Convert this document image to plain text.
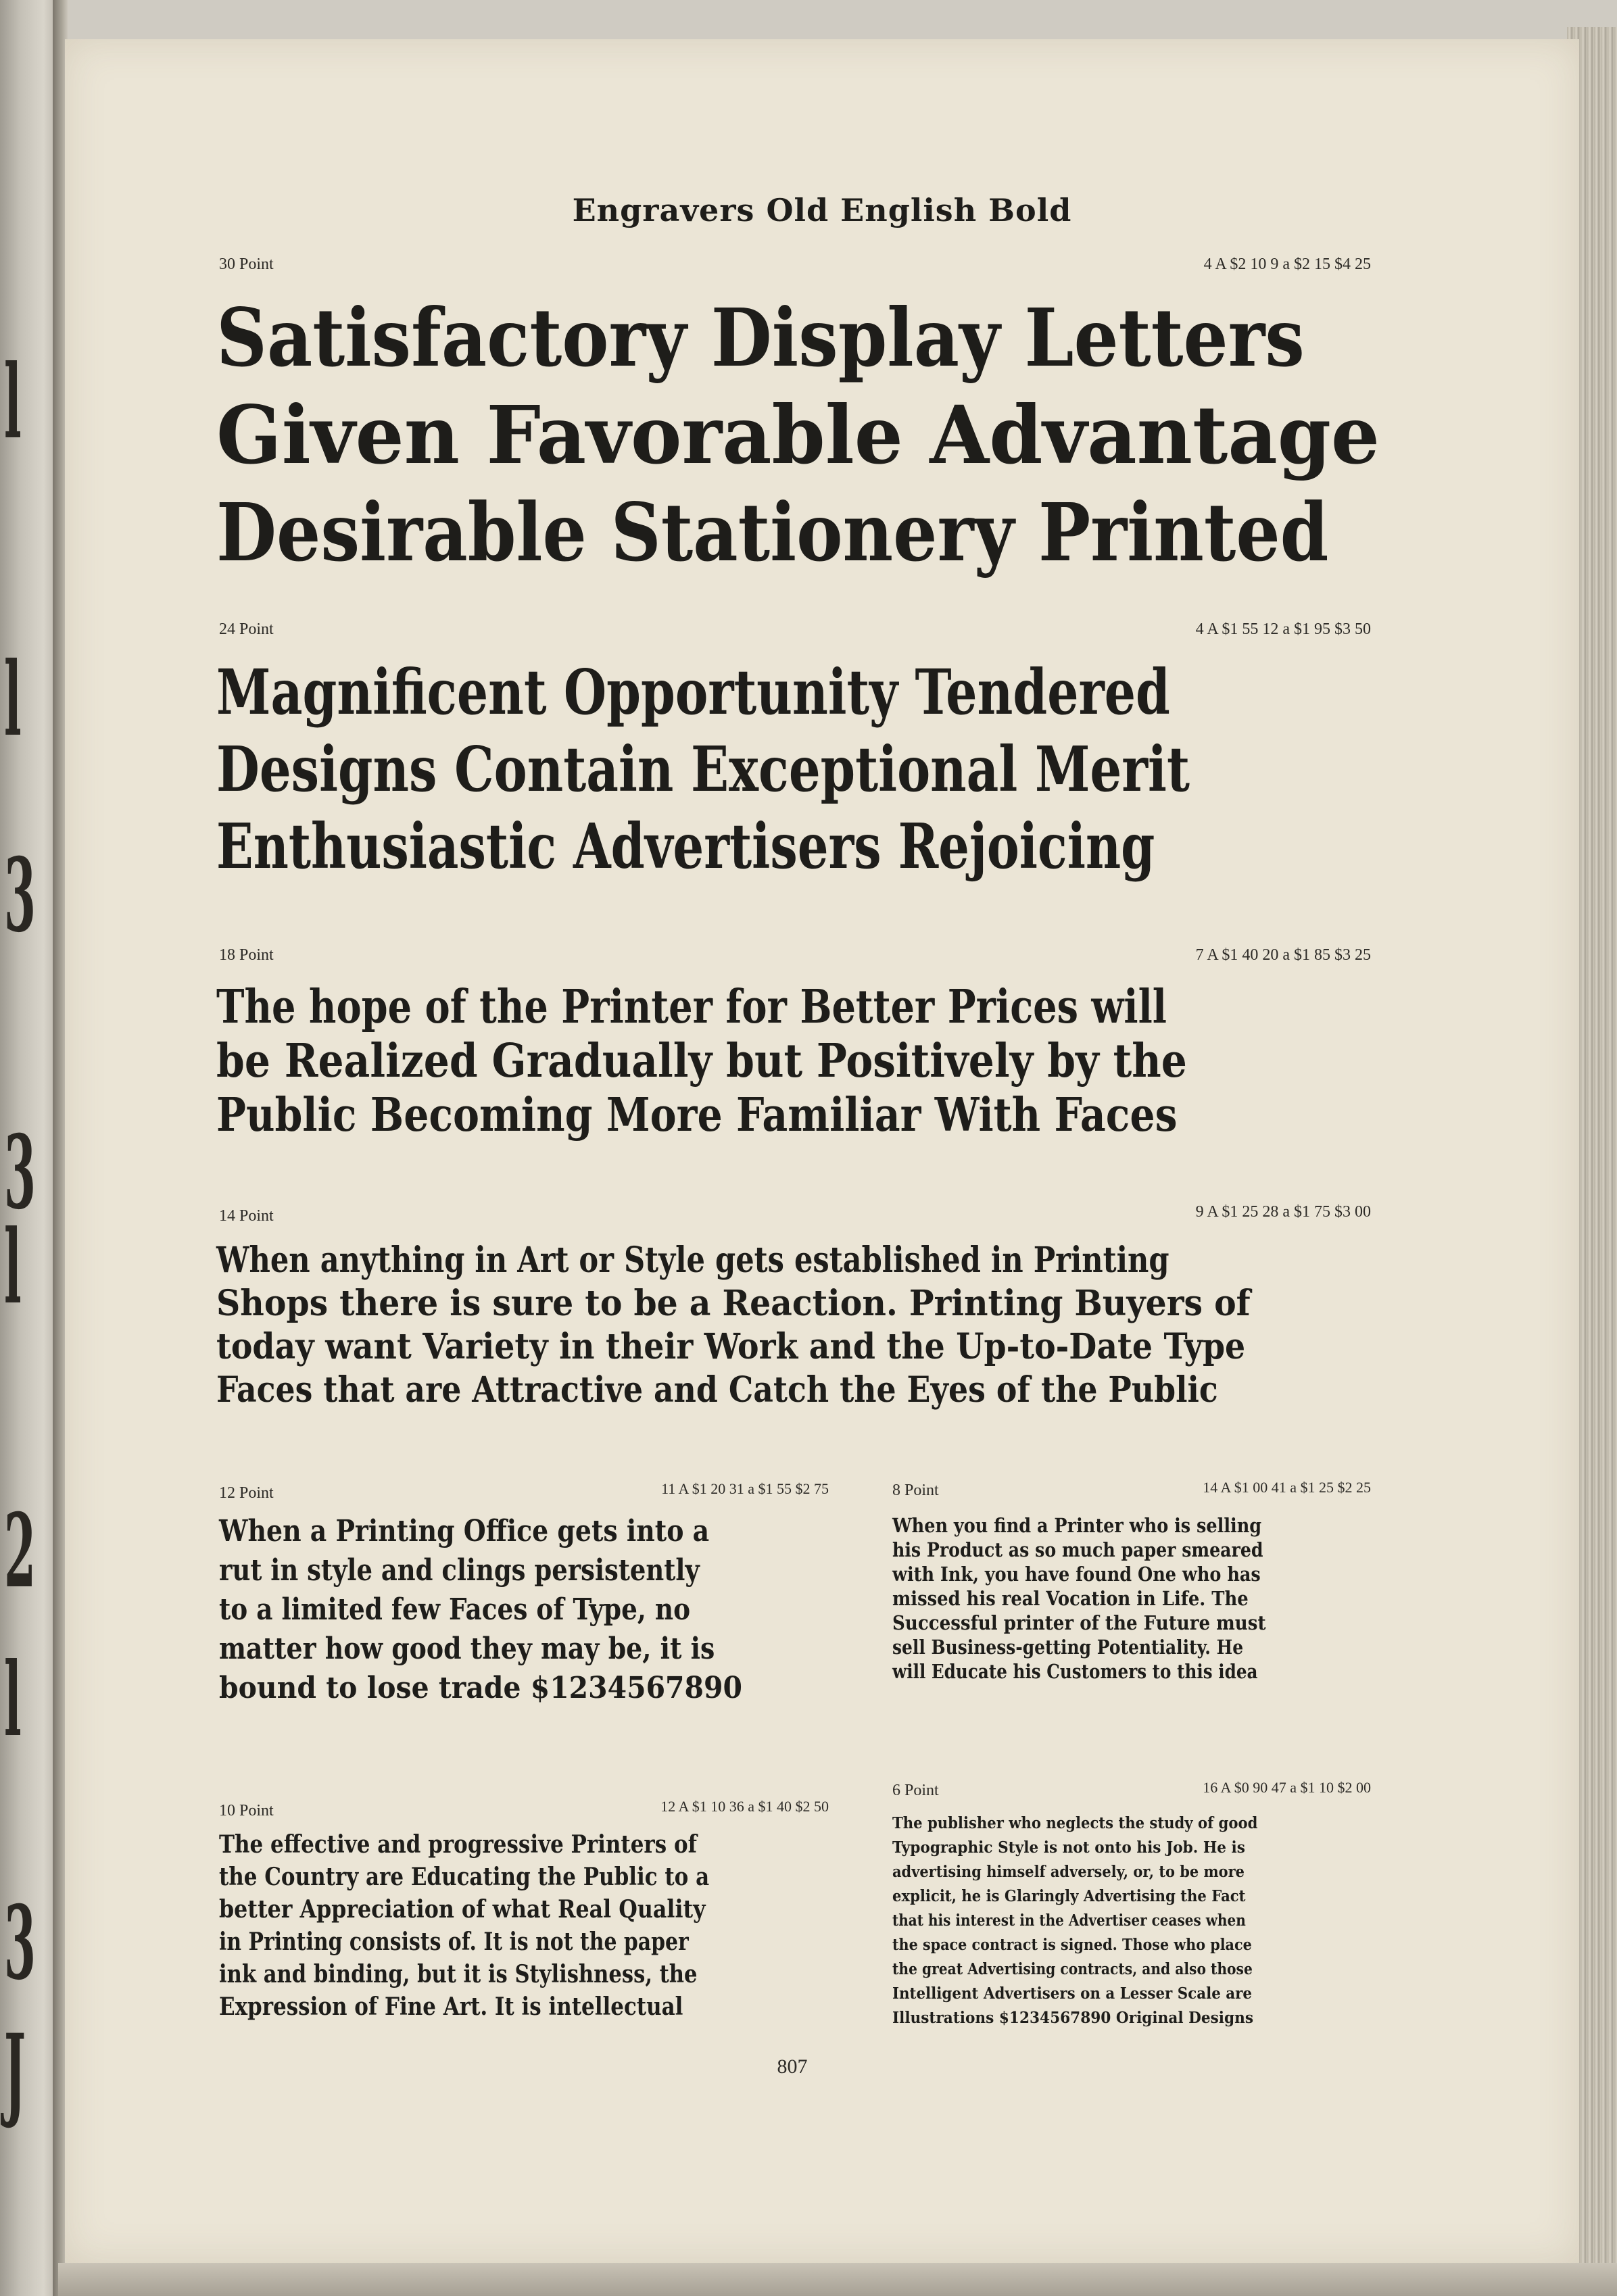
l
l
3
3
l
2
l
3
J
Engravers Old English Bold
30 Point	4 A $2 10 9 a $2 15 $4 25
Satisfactory Display Letters
Given Favorable Advantage
Desirable Stationery Printed
24 Point	4 A $1 55 12 a $1 95 $3 50
Magnificent Opportunity Tendered
Designs Contain Exceptional Merit
Enthusiastic Advertisers Rejoicing
18 Point	7 A $1 40 20 a $1 85 $3 25
The hope of the Printer for Better Prices will
be Realized Gradually but Positively by the
Public Becoming More Familiar With Faces
14 Point	9 A $1 25 28 a $1 75 $3 00
When anything in Art or Style gets established in Printing
Shops there is sure to be a Reaction. Printing Buyers of
today want Variety in their Work and the Up-to-Date Type
Faces that are Attractive and Catch the Eyes of the Public
12 Point	11 A $1 20 31 a $1 55 $2 75
When a Printing Office gets into a
rut in style and clings persistently
to a limited few Faces of Type, no
matter how good they may be, it is
bound to lose trade $1234567890
8 Point	14 A $1 00 41 a $1 25 $2 25
When you find a Printer who is selling
his Product as so much paper smeared
with Ink, you have found One who has
missed his real Vocation in Life. The
Successful printer of the Future must
sell Business-getting Potentiality. He
will Educate his Customers to this idea
10 Point	12 A $1 10 36 a $1 40 $2 50
The effective and progressive Printers of
the Country are Educating the Public to a
better Appreciation of what Real Quality
in Printing consists of. It is not the paper
ink and binding, but it is Stylishness, the
Expression of Fine Art. It is intellectual
6 Point	16 A $0 90 47 a $1 10 $2 00
The publisher who neglects the study of good
Typographic Style is not onto his Job. He is
advertising himself adversely, or, to be more
explicit, he is Glaringly Advertising the Fact
that his interest in the Advertiser ceases when
the space contract is signed. Those who place
the great Advertising contracts, and also those
Intelligent Advertisers on a Lesser Scale are
Illustrations $1234567890 Original Designs
807
